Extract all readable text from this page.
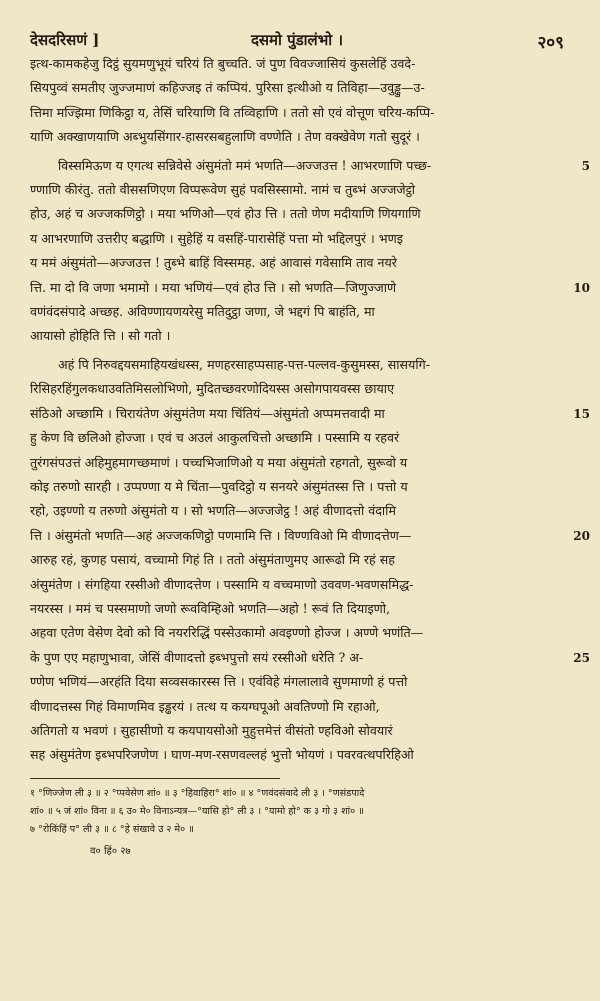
देसदरिसणं ]	दसमो पुंडालंभो ।	२०९
इत्थ-कामकहेजु दिट्ठं सुयमणुभूयं चरियं ति बुच्चति. जं पुण विवज्जासियं कुसलेहिं उवदे-
सियपुव्वं समतीए जुज्जमाणं कहिज्जइ तं कप्पियं. पुरिसा इत्थीओ य तिविहा—उवुड्ढु—उ-
त्तिमा मज्झिमा णिकिट्ठा य, तेसिं चरियाणि वि तव्विहाणि । ततो सो एवं वोत्तूण चरिय-कप्पि-
याणि अक्खाणयाणि अब्भुयसिंगार-हासरसबहुलाणि वण्णेति । तेण वक्खेवेण गतो सुदूरं ।
विस्समिऊण य एगत्थ सन्निवेसे अंसुमंतो ममं भणति—अज्जउत्त ! आभरणाणि पच्छ-	5
ण्णाणि कीरंतु. ततो वीससणिएण विप्परूवेण सुहं पवसिस्सामो. नामं च तुब्भं अज्जजेट्ठो
होउ, अहं च अज्जकणिट्ठो । मया भणिओ—एवं होउ त्ति । ततो णेण मदीयाणि णियगाणि
य आभरणाणि उत्तरीए बद्धाणि । सुहेहिं य वसहिं-पारासेहिं पत्ता मो भद्दिलपुरं । भणइ
य ममं अंसुमंतो—अज्जउत्त ! तुब्भे बाहिं विस्समह. अहं आवासं गवेसामि ताव नयरे
त्ति. मा दो वि जणा भमामो । मया भणियं—एवं होउ त्ति । सो भणति—जिणुज्जाणे	10
वणंवंदसंपादे अच्छह. अविण्णायणयरेसु मतिदुट्ठा जणा, जे भद्दगं पि बाहंति, मा
आयासो होहिति त्ति । सो गतो ।
अहं पि निरुवद्दयसमाहियखंधस्स, मणहरसाहप्पसाह-पत्त-पल्लव-कुसुमस्स, सासयगि-
रिसिहरहिंगुलकधाउवतिमिसलोभिणो, मुदितच्छवरणोदियस्स असोगपायवस्स छायाए
संठिओ अच्छामि । चिरायंतेण अंसुमंतेण मया चिंतियं—अंसुमंतो अप्पमत्तवादी मा	15
हु केण वि छलिओ होज्जा । एवं च अउलं आकुलचित्तो अच्छामि । पस्सामि य रहवरं
तुरंगसंपउत्तं अहिमुहमागच्छमाणं । पच्चभिजाणिओ य मया अंसुमंतो रहगतो, सुरूवो य
कोइ तरुणो सारही । उप्पण्णा य मे चिंता—पुवदिट्ठो य सनयरे अंसुमंतस्स त्ति । पत्तो य
रहो, उइण्णो य तरुणो अंसुमंतो य । सो भणति—अज्जजेट्ठ ! अहं वीणादत्तो वंदामि
त्ति । अंसुमंतो भणति—अहं अज्जकणिट्ठो पणमामि त्ति । विण्णविओ मि वीणादत्तेण—	20
आरुह रहं, कुणह पसायं, वच्चामो गिहं ति । ततो अंसुमंताणुमए आरूढो मि रहं सह
अंसुमंतेण । संगहिया रस्सीओ वीणादत्तेण । पस्सामि य वच्चमाणो उववण-भवणसमिद्ध-
नयरस्स । ममं च पस्समाणो जणो रूवविम्हिओ भणति—अहो ! रूवं ति दियाइणो,
अहवा एतेण वेसेण देवो को वि नयररिद्धिं पस्सेउकामो अवइण्णो होज्ज । अण्णे भणंति—
के पुण एए महाणुभावा, जेसिं वीणादत्तो इब्भपुत्तो सयं रस्सीओ धरेति ? अ-	25
ण्णेण भणियं—अरहंति दिया सव्वसकारस्स त्ति । एवंविहे मंगलालावे सुणमाणो हं पत्तो
वीणादत्तस्स गिहं विमाणमिव इड्ढरयं । तत्थ य कयग्घपूओ अवतिण्णो मि रहाओ,
अतिगतो य भवणं । सुहासीणो य कयपायसोओ मुहुत्तमेत्तं वीसंतो ण्हविओ सोवयारं
सह अंसुमंतेण इब्भपरिजणेण । घाण-मण-रसणवल्लहं भुत्तो भोयणं । पवरवत्थपरिहिओ
१ °णिज्जेण ली ३ ॥ २ °प्पवेसेण शां० ॥ ३ °हिवाहिरा° शां० ॥ ४ °णवंदसंवादे ली ३ । °णसंडपादे
शां० ॥ ५ जं शां० विना ॥ ६ उ० मे० विनाऽन्यत्र—°यासि हो° ली ३ । °यामो हो° क ३ गो ३ शां० ॥
७ °रोकिंहिं प° ली ३ ॥ ८ °हे संखावे उ २ मे० ॥
व० हिं० २७
